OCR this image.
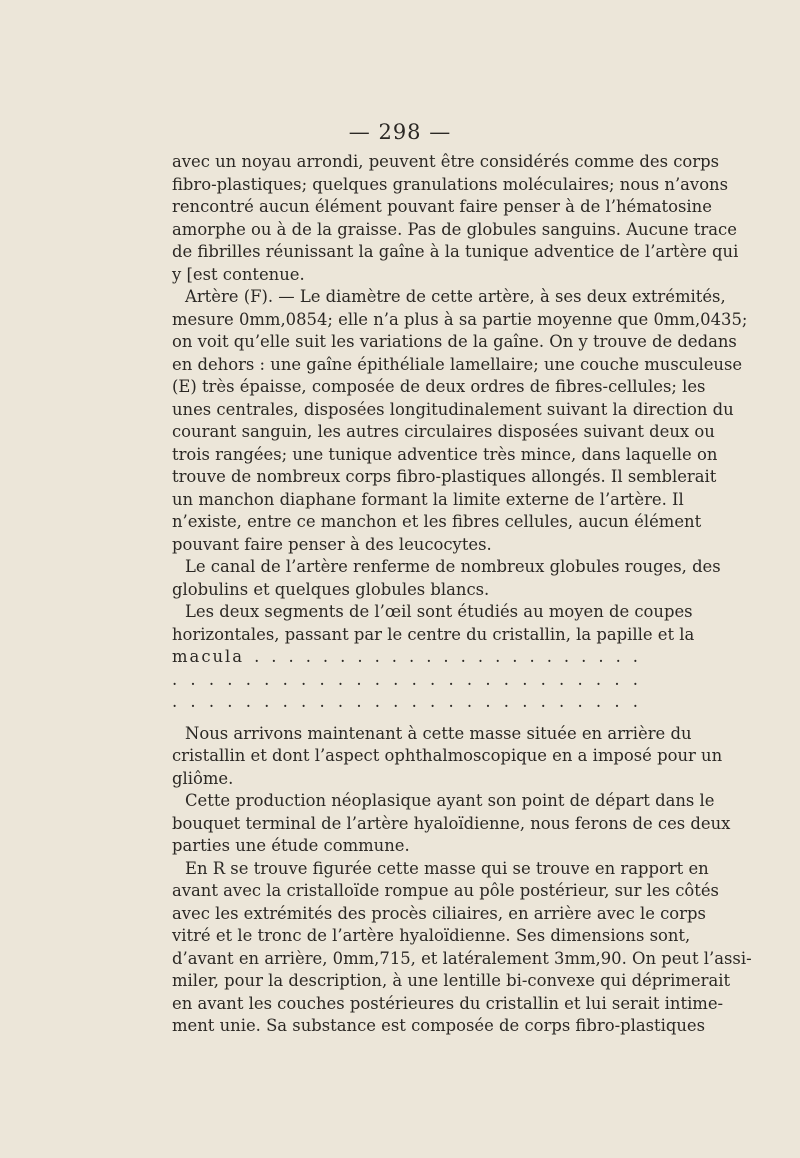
— 298 —
avec un noyau arrondi, peuvent être considérés comme des corps
fibro-plastiques; quelques granulations moléculaires; nous n’avons
rencontré aucun élément pouvant faire penser à de l’hématosine
amorphe ou à de la graisse. Pas de globules sanguins. Aucune trace
de fibrilles réunissant la gaîne à la tunique adventice de l’artère qui
y [est contenue.
Artère (F). — Le diamètre de cette artère, à ses deux extrémités,
mesure 0mm,0854; elle n’a plus à sa partie moyenne que 0mm,0435;
on voit qu’elle suit les variations de la gaîne. On y trouve de dedans
en dehors : une gaîne épithéliale lamellaire; une couche musculeuse
(E) très épaisse, composée de deux ordres de fibres-cellules; les
unes centrales, disposées longitudinalement suivant la direction du
courant sanguin, les autres circulaires disposées suivant deux ou
trois rangées; une tunique adventice très mince, dans laquelle on
trouve de nombreux corps fibro-plastiques allongés. Il semblerait
un manchon diaphane formant la limite externe de l’artère. Il
n’existe, entre ce manchon et les fibres cellules, aucun élément
pouvant faire penser à des leucocytes.
Le canal de l’artère renferme de nombreux globules rouges, des
globulins et quelques globules blancs.
Les deux segments de l’œil sont étudiés au moyen de coupes
horizontales, passant par le centre du cristallin, la papille et la
macula . . . . . . . . . . . . . . . . . . . . . . .
. . . . . . . . . . . . . . . . . . . . . . . . . .
. . . . . . . . . . . . . . . . . . . . . . . . . .
Nous arrivons maintenant à cette masse située en arrière du
cristallin et dont l’aspect ophthalmoscopique en a imposé pour un
gliôme.
Cette production néoplasique ayant son point de départ dans le
bouquet terminal de l’artère hyaloïdienne, nous ferons de ces deux
parties une étude commune.
En R se trouve figurée cette masse qui se trouve en rapport en
avant avec la cristalloïde rompue au pôle postérieur, sur les côtés
avec les extrémités des procès ciliaires, en arrière avec le corps
vitré et le tronc de l’artère hyaloïdienne. Ses dimensions sont,
d’avant en arrière, 0mm,715, et latéralement 3mm,90. On peut l’assi-
miler, pour la description, à une lentille bi-convexe qui déprimerait
en avant les couches postérieures du cristallin et lui serait intime-
ment unie. Sa substance est composée de corps fibro-plastiques
